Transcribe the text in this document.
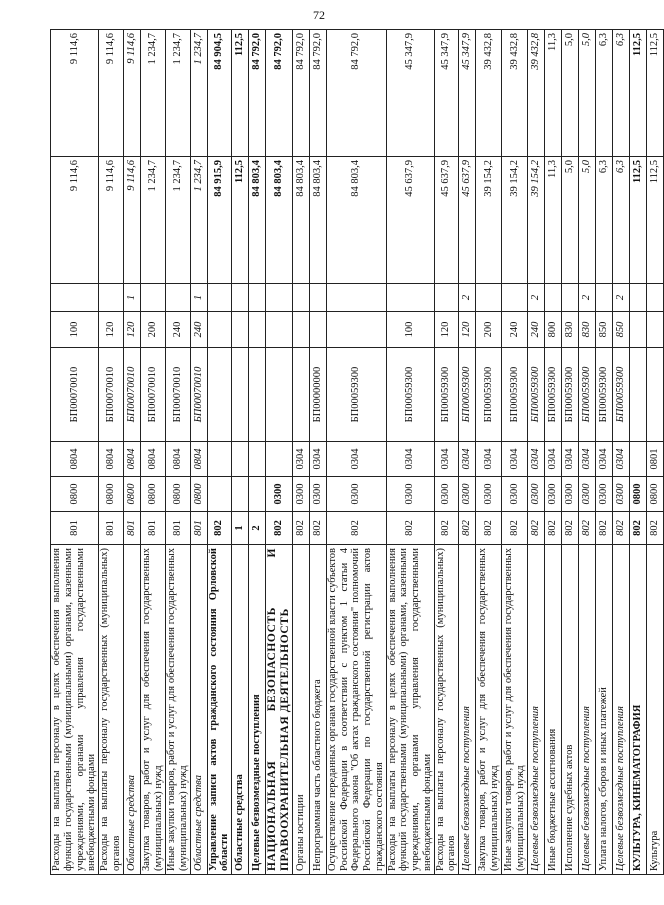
72
Расходы на выплаты персоналу в целях обеспечения выполнения функций государственными (муниципальными) органами, казенными учреждениями, органами управления государственными внебюджетными фондами	801	0800	0804	БП00070010	100		9 114,6	9 114,6
Расходы на выплаты персоналу государственных (муниципальных) органов	801	0800	0804	БП00070010	120		9 114,6	9 114,6
Областные средства	801	0800	0804	БП00070010	120	1	9 114,6	9 114,6
Закупка товаров, работ и услуг для обеспечения государственных (муниципальных) нужд	801	0800	0804	БП00070010	200		1 234,7	1 234,7
Иные закупки товаров, работ и услуг для обеспечения государственных (муниципальных) нужд	801	0800	0804	БП00070010	240		1 234,7	1 234,7
Областные средства	801	0800	0804	БП00070010	240	1	1 234,7	1 234,7
Управление записи актов гражданского состояния Орловской области	802						84 915,9	84 904,5
Областные средства	1						112,5	112,5
Целевые безвозмездные поступления	2						84 803,4	84 792,0
НАЦИОНАЛЬНАЯ БЕЗОПАСНОСТЬ И ПРАВООХРАНИТЕЛЬНАЯ ДЕЯТЕЛЬНОСТЬ	802	0300					84 803,4	84 792,0
Органы юстиции	802	0300	0304				84 803,4	84 792,0
Непрограммная часть областного бюджета	802	0300	0304	БП00000000			84 803,4	84 792,0
Осуществление переданных органам государственной власти субъектов Российской Федерации в соответствии с пунктом 1 статьи 4 Федерального закона "Об актах гражданского состояния" полномочий Российской Федерации по государственной регистрации актов гражданского состояния	802	0300	0304	БП00059300			84 803,4	84 792,0
Расходы на выплаты персоналу в целях обеспечения выполнения функций государственными (муниципальными) органами, казенными учреждениями, органами управления государственными внебюджетными фондами	802	0300	0304	БП00059300	100		45 637,9	45 347,9
Расходы на выплаты персоналу государственных (муниципальных) органов	802	0300	0304	БП00059300	120		45 637,9	45 347,9
Целевые безвозмездные поступления	802	0300	0304	БП00059300	120	2	45 637,9	45 347,9
Закупка товаров, работ и услуг для обеспечения государственных (муниципальных) нужд	802	0300	0304	БП00059300	200		39 154,2	39 432,8
Иные закупки товаров, работ и услуг для обеспечения государственных (муниципальных) нужд	802	0300	0304	БП00059300	240		39 154,2	39 432,8
Целевые безвозмездные поступления	802	0300	0304	БП00059300	240	2	39 154,2	39 432,8
Иные бюджетные ассигнования	802	0300	0304	БП00059300	800		11,3	11,3
Исполнение судебных актов	802	0300	0304	БП00059300	830		5,0	5,0
Целевые безвозмездные поступления	802	0300	0304	БП00059300	830	2	5,0	5,0
Уплата налогов, сборов и иных платежей	802	0300	0304	БП00059300	850		6,3	6,3
Целевые безвозмездные поступления	802	0300	0304	БП00059300	850	2	6,3	6,3
КУЛЬТУРА, КИНЕМАТОГРАФИЯ	802	0800					112,5	112,5
Культура	802	0800	0801				112,5	112,5
